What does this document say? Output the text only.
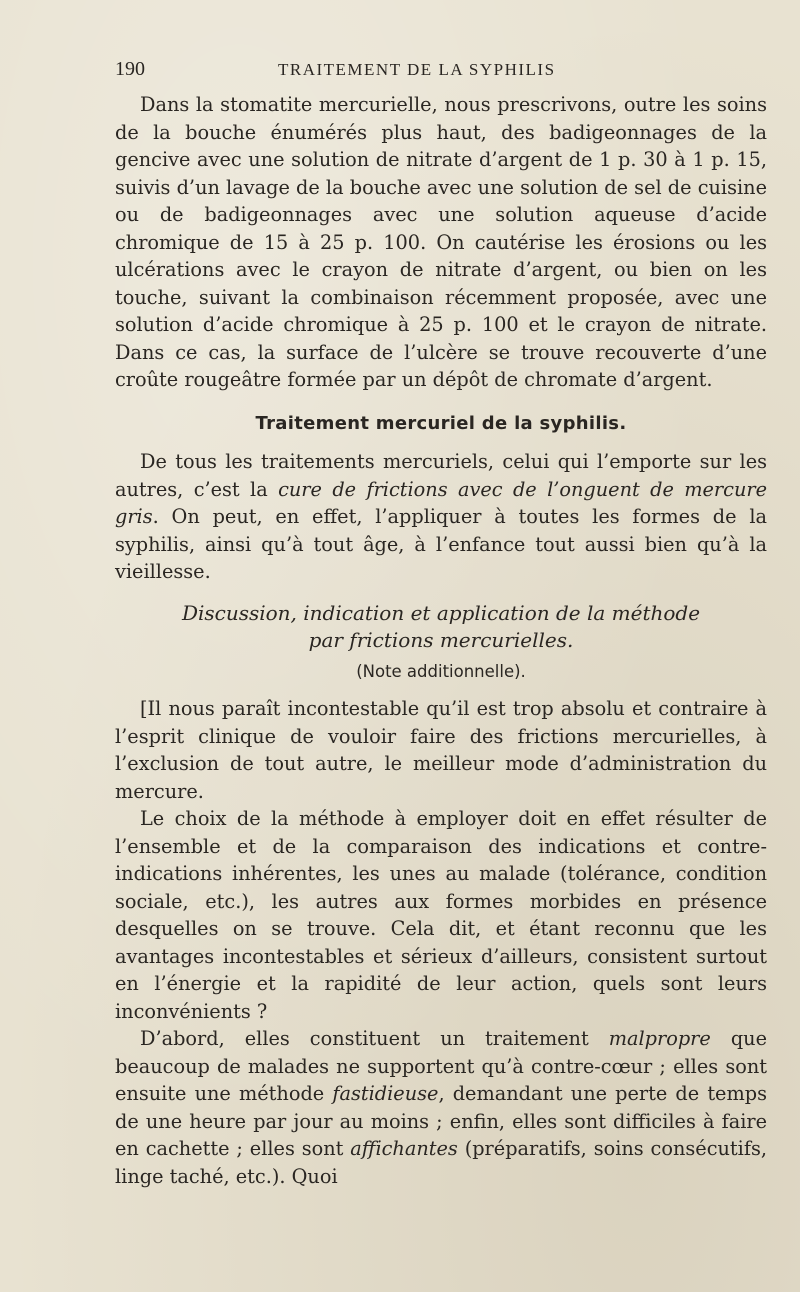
190	TRAITEMENT DE LA SYPHILIS

Dans la stomatite mercurielle, nous prescrivons, outre les soins de la bouche énumérés plus haut, des badigeonnages de la gencive avec une solution de nitrate d’argent de 1 p. 30 à 1 p. 15, suivis d’un lavage de la bouche avec une solution de sel de cuisine ou de badigeonnages avec une solution aqueuse d’acide chromique de 15 à 25 p. 100. On cautérise les érosions ou les ulcérations avec le crayon de nitrate d’argent, ou bien on les touche, suivant la combinaison récemment proposée, avec une solution d’acide chromique à 25 p. 100 et le crayon de nitrate. Dans ce cas, la surface de l’ulcère se trouve recouverte d’une croûte rougeâtre formée par un dépôt de chromate d’argent.

Traitement mercuriel de la syphilis.

De tous les traitements mercuriels, celui qui l’emporte sur les autres, c’est la cure de frictions avec de l’onguent de mercure gris. On peut, en effet, l’appliquer à toutes les formes de la syphilis, ainsi qu’à tout âge, à l’enfance tout aussi bien qu’à la vieillesse.

Discussion, indication et application de la méthode
par frictions mercurielles.

(Note additionnelle).

[Il nous paraît incontestable qu’il est trop absolu et contraire à l’esprit clinique de vouloir faire des frictions mercurielles, à l’exclusion de tout autre, le meilleur mode d’administration du mercure.

Le choix de la méthode à employer doit en effet résulter de l’ensemble et de la comparaison des indications et contre-indications inhérentes, les unes au malade (tolérance, condition sociale, etc.), les autres aux formes morbides en présence desquelles on se trouve. Cela dit, et étant reconnu que les avantages incontestables et sérieux d’ailleurs, consistent surtout en l’énergie et la rapidité de leur action, quels sont leurs inconvénients ?

D’abord, elles constituent un traitement malpropre que beaucoup de malades ne supportent qu’à contre-cœur ; elles sont ensuite une méthode fastidieuse, demandant une perte de temps de une heure par jour au moins ; enfin, elles sont difficiles à faire en cachette ; elles sont affichantes (préparatifs, soins consécutifs, linge taché, etc.). Quoi
